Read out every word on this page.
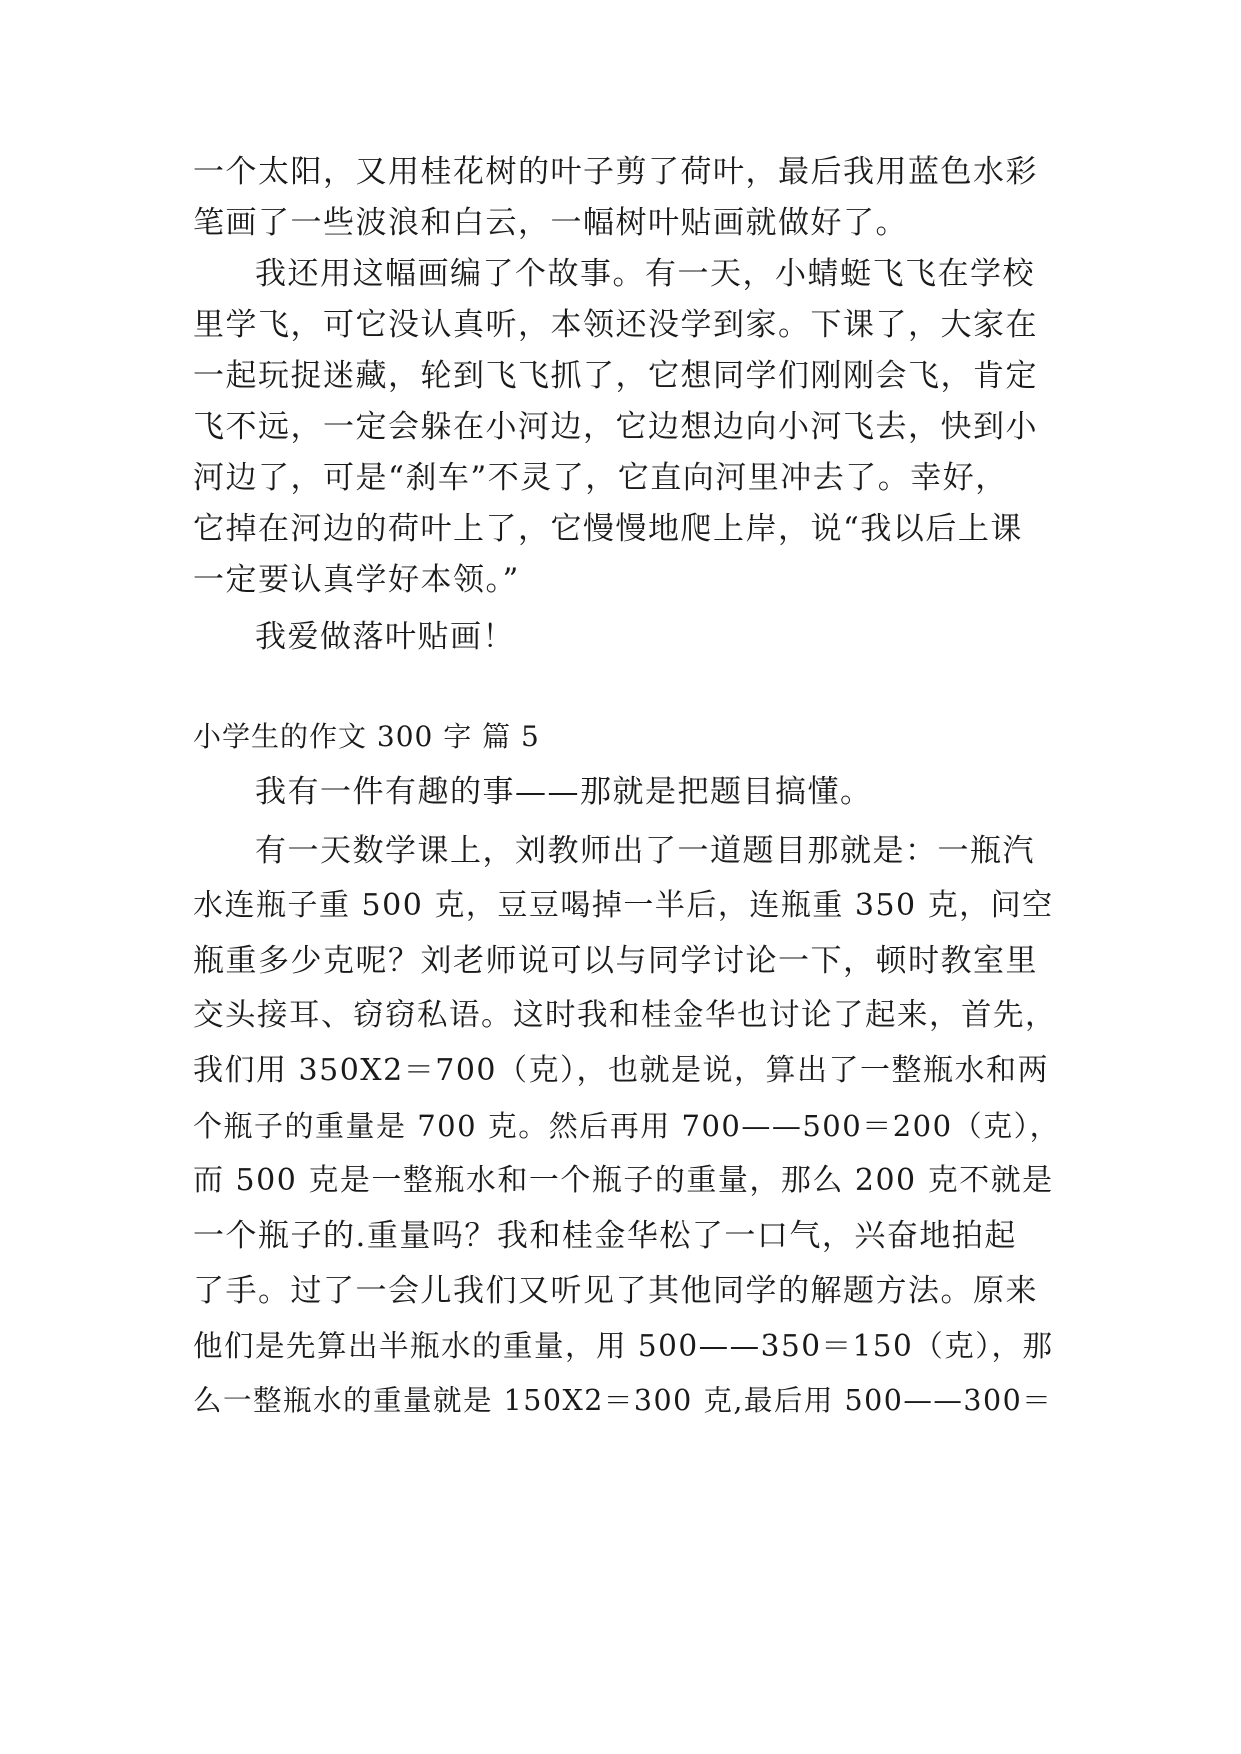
一个太阳，又用桂花树的叶子剪了荷叶，最后我用蓝色水彩
笔画了一些波浪和白云，一幅树叶贴画就做好了。
我还用这幅画编了个故事。有一天，小蜻蜓飞飞在学校
里学飞，可它没认真听，本领还没学到家。下课了，大家在
一起玩捉迷藏，轮到飞飞抓了，它想同学们刚刚会飞，肯定
飞不远，一定会躲在小河边，它边想边向小河飞去，快到小
河边了，可是“刹车”不灵了，它直向河里冲去了。幸好，
它掉在河边的荷叶上了，它慢慢地爬上岸，说“我以后上课
一定要认真学好本领。”
我爱做落叶贴画！
小学生的作文 300 字 篇 5
我有一件有趣的事——那就是把题目搞懂。
有一天数学课上，刘教师出了一道题目那就是：一瓶汽
水连瓶子重 500 克，豆豆喝掉一半后，连瓶重 350 克，问空
瓶重多少克呢？刘老师说可以与同学讨论一下，顿时教室里
交头接耳、窃窃私语。这时我和桂金华也讨论了起来，首先，
我们用 350X2＝700（克），也就是说，算出了一整瓶水和两
个瓶子的重量是 700 克。然后再用 700——500＝200（克），
而 500 克是一整瓶水和一个瓶子的重量，那么 200 克不就是
一个瓶子的.重量吗？我和桂金华松了一口气，兴奋地拍起
了手。过了一会儿我们又听见了其他同学的解题方法。原来
他们是先算出半瓶水的重量，用 500——350＝150（克），那
么一整瓶水的重量就是 150X2＝300 克,最后用 500——300＝
